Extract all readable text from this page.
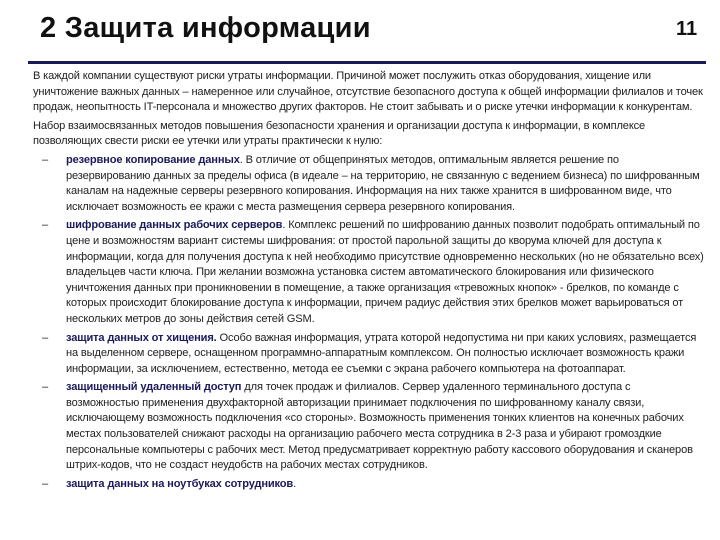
2 Защита информации	11

В каждой компании существуют риски утраты информации. Причиной может послужить отказ оборудования, хищение или уничтожение важных данных – намеренное или случайное, отсутствие безопасного доступа к общей информации филиалов и точек продаж, неопытность IT-персонала и множество других факторов. Не стоит забывать и о риске утечки информации к конкурентам.

Набор взаимосвязанных методов повышения безопасности хранения и организации доступа к информации, в комплексе позволяющих свести риски ее утечки или утраты практически к нулю:

– резервное копирование данных. В отличие от общепринятых методов, оптимальным является решение по резервированию данных за пределы офиса (в идеале – на территорию, не связанную с ведением бизнеса) по шифрованным каналам на надежные серверы резервного копирования. Информация на них также хранится в шифрованном виде, что исключает возможность ее кражи с места размещения сервера резервного копирования.
– шифрование данных рабочих серверов. Комплекс решений по шифрованию данных позволит подобрать оптимальный по цене и возможностям вариант системы шифрования: от простой парольной защиты до кворума ключей для доступа к информации, когда для получения доступа к ней необходимо присутствие одновременно нескольких (но не обязательно всех) владельцев части ключа. При желании возможна установка систем автоматического блокирования или физического уничтожения данных при проникновении в помещение, а также организация «тревожных кнопок» - брелков, по команде с которых происходит блокирование доступа к информации, причем радиус действия этих брелков может варьироваться от нескольких метров до зоны действия сетей GSM.
– защита данных от хищения. Особо важная информация, утрата которой недопустима ни при каких условиях, размещается на выделенном сервере, оснащенном программно-аппаратным комплексом. Он полностью исключает возможность кражи информации, за исключением, естественно, метода ее съемки с экрана рабочего компьютера на фотоаппарат.
– защищенный удаленный доступ для точек продаж и филиалов. Сервер удаленного терминального доступа с возможностью применения двухфакторной авторизации принимает подключения по шифрованному каналу связи, исключающему возможность подключения «со стороны». Возможность применения тонких клиентов на конечных рабочих местах пользователей снижают расходы на организацию рабочего места сотрудника в 2-3 раза и убирают громоздкие персональные компьютеры с рабочих мест. Метод предусматривает корректную работу кассового оборудования и сканеров штрих-кодов, что не создаст неудобств на рабочих местах сотрудников.
– защита данных на ноутбуках сотрудников.
